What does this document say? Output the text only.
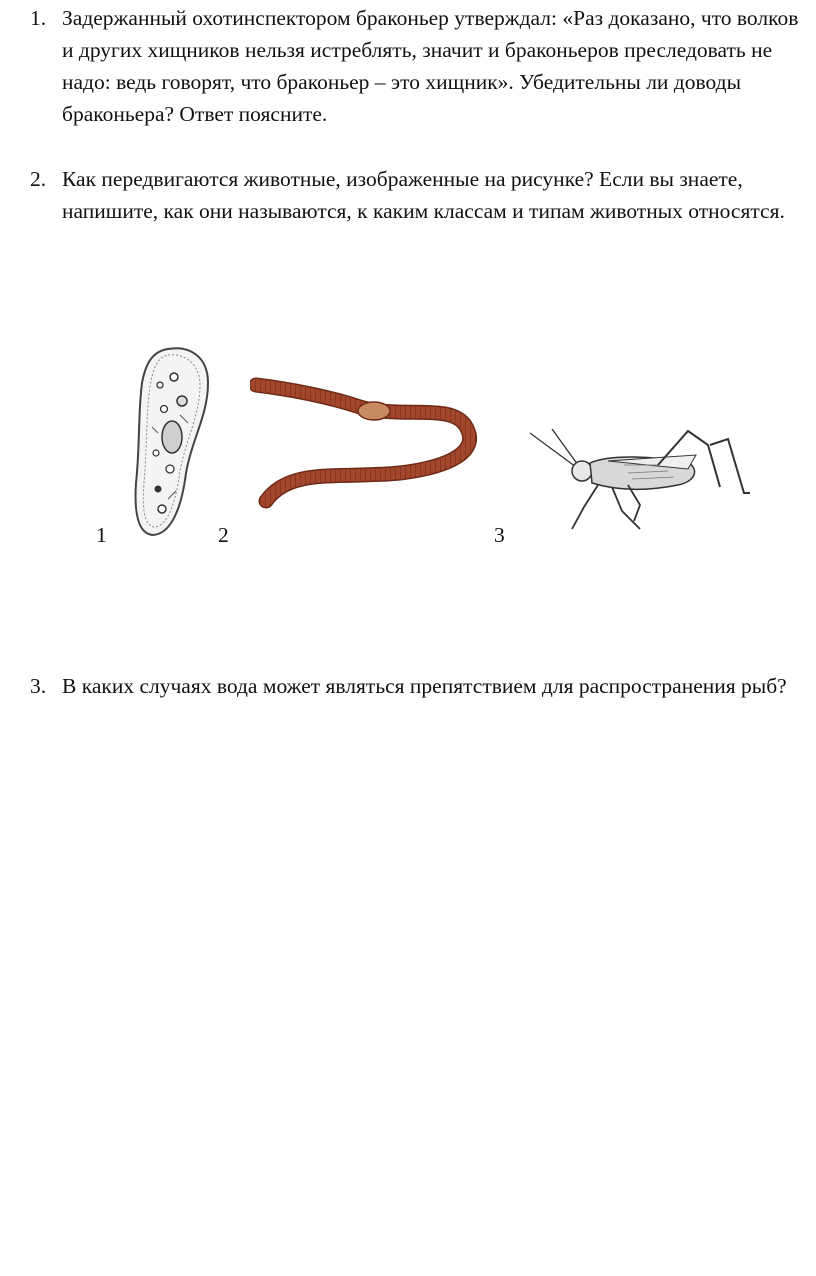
1. Задержанный охотинспектором браконьер утверждал: «Раз доказано, что волков и других хищников нельзя истреблять, значит и браконьеров преследовать не надо: ведь говорят, что браконьер – это хищник». Убедительны ли доводы браконьера? Ответ поясните.
2. Как передвигаются животные, изображенные на рисунке? Если вы знаете, напишите, как они называются, к каким классам и типам животных относятся.
1	2	3
3. В каких случаях вода может являться препятствием для распространения рыб?
